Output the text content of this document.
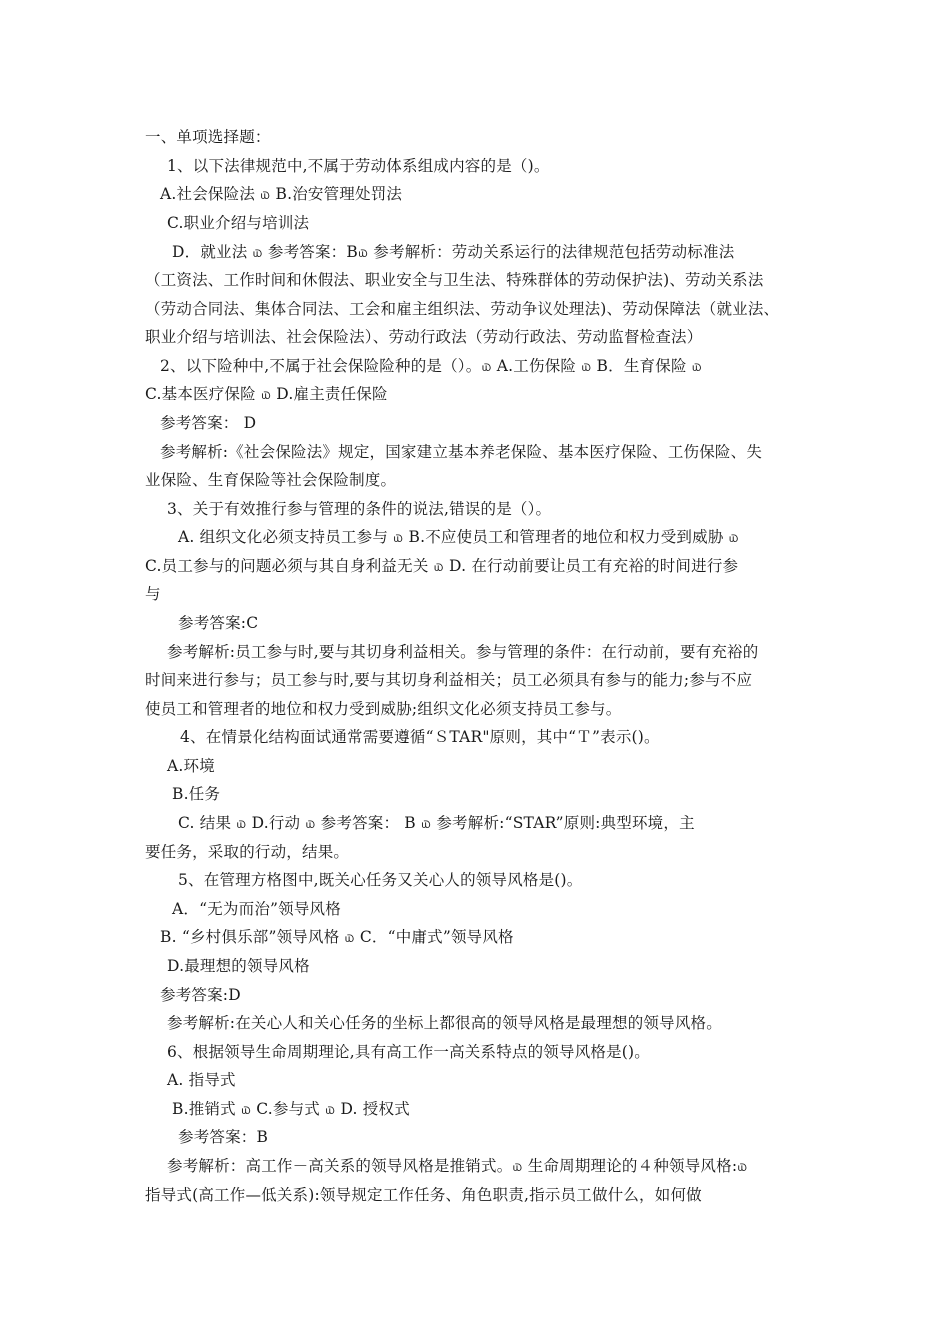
一、单项选择题：
1、以下法律规范中,不属于劳动体系组成内容的是（)。
A.社会保险法 ௰ B.治安管理处罚法
C.职业介绍与培训法
D．就业法 ௰ 参考答案：B௰ 参考解析：劳动关系运行的法律规范包括劳动标准法
（工资法、工作时间和休假法、职业安全与卫生法、特殊群体的劳动保护法)、劳动关系法
（劳动合同法、集体合同法、工会和雇主组织法、劳动争议处理法)、劳动保障法（就业法、
职业介绍与培训法、社会保险法）、劳动行政法（劳动行政法、劳动监督检查法）
2、以下险种中,不属于社会保险险种的是（）。௰ A.工伤保险 ௰ B．生育保险 ௰
C.基本医疗保险 ௰ D.雇主责任保险
参考答案： D
参考解析:《社会保险法》规定，国家建立基本养老保险、基本医疗保险、工伤保险、失
业保险、生育保险等社会保险制度。
3、关于有效推行参与管理的条件的说法,错误的是（）。
A. 组织文化必须支持员工参与 ௰ B.不应使员工和管理者的地位和权力受到威胁 ௰
C.员工参与的问题必须与其自身利益无关 ௰ D. 在行动前要让员工有充裕的时间进行参
与
参考答案:C
参考解析:员工参与时,要与其切身利益相关。参与管理的条件：在行动前，要有充裕的
时间来进行参与；员工参与时,要与其切身利益相关；员工必须具有参与的能力;参与不应
使员工和管理者的地位和权力受到威胁;组织文化必须支持员工参与。
4、在情景化结构面试通常需要遵循“ＳTAR"原则，其中“Ｔ”表示()。
A.环境
B.任务
C. 结果 ௰ D.行动 ௰ 参考答案： B ௰ 参考解析:“STAR”原则:典型环境，主
要任务，采取的行动，结果。
5、在管理方格图中,既关心任务又关心人的领导风格是()。
A．“无为而治”领导风格
B. “乡村俱乐部”领导风格 ௰ C．“中庸式”领导风格
D.最理想的领导风格
参考答案:D
参考解析:在关心人和关心任务的坐标上都很高的领导风格是最理想的领导风格。
6、根据领导生命周期理论,具有高工作一高关系特点的领导风格是()。
A. 指导式
B.推销式 ௰ C.参与式 ௰ D. 授权式
参考答案：B
参考解析：高工作－高关系的领导风格是推销式。௰ 生命周期理论的４种领导风格:௰
指导式(高工作—低关系):领导规定工作任务、角色职责,指示员工做什么，如何做
